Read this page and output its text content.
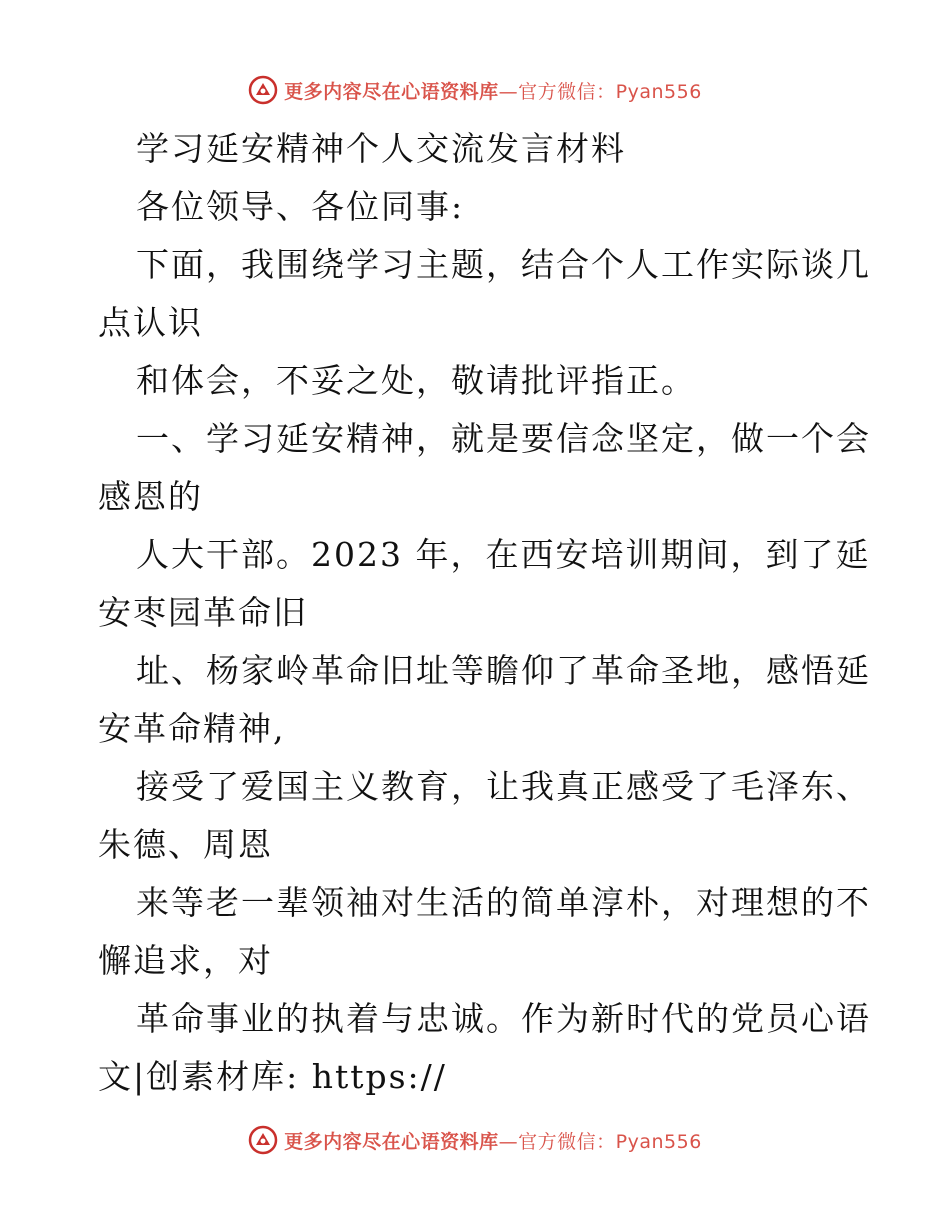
更多内容尽在心语资料库—官方微信：Pyan556
学习延安精神个人交流发言材料
各位领导、各位同事:
下面，我围绕学习主题，结合个人工作实际谈几
点认识
和体会，不妥之处，敬请批评指正。
一、学习延安精神，就是要信念坚定，做一个会
感恩的
人大干部。2023 年，在西安培训期间，到了延
安枣园革命旧
址、杨家岭革命旧址等瞻仰了革命圣地，感悟延
安革命精神,
接受了爱国主义教育，让我真正感受了毛泽东、
朱德、周恩
来等老一辈领袖对生活的简单淳朴，对理想的不
懈追求，对
革命事业的执着与忠诚。作为新时代的党员心语
文|创素材库: https://
更多内容尽在心语资料库—官方微信：Pyan556
